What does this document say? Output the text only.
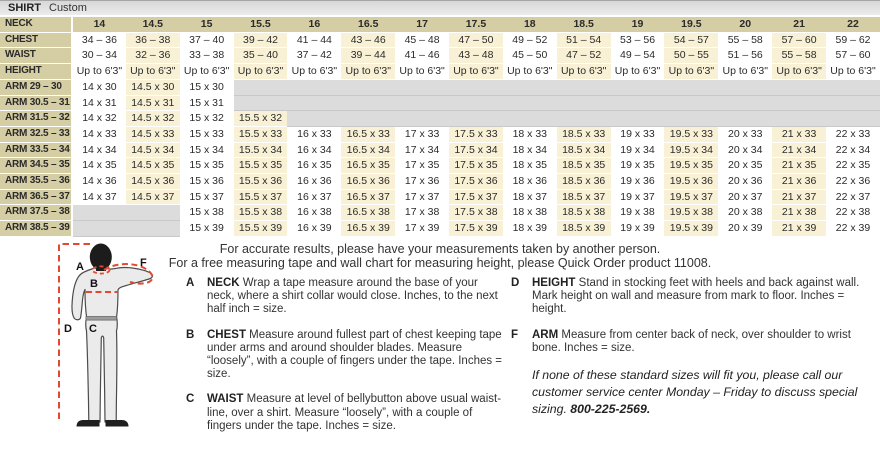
SHIRT Custom
NECK	14	14.5	15	15.5	16	16.5	17	17.5	18	18.5	19	19.5	20	21	22
CHEST	34 – 36	36 – 38	37 – 40	39 – 42	41 – 44	43 – 46	45 – 48	47 – 50	49 – 52	51 – 54	53 – 56	54 – 57	55 – 58	57 – 60	59 – 62
WAIST	30 – 34	32 – 36	33 – 38	35 – 40	37 – 42	39 – 44	41 – 46	43 – 48	45 – 50	47 – 52	49 – 54	50 – 55	51 – 56	55 – 58	57 – 60
HEIGHT	Up to 6'3"	Up to 6'3"	Up to 6'3"	Up to 6'3"	Up to 6'3"	Up to 6'3"	Up to 6'3"	Up to 6'3"	Up to 6'3"	Up to 6'3"	Up to 6'3"	Up to 6'3"	Up to 6'3"	Up to 6'3"	Up to 6'3"
ARM 29 – 30	14 x 30	14.5 x 30	15 x 30												
ARM 30.5 – 31	14 x 31	14.5 x 31	15 x 31												
ARM 31.5 – 32	14 x 32	14.5 x 32	15 x 32	15.5 x 32											
ARM 32.5 – 33	14 x 33	14.5 x 33	15 x 33	15.5 x 33	16 x 33	16.5 x 33	17 x 33	17.5 x 33	18 x 33	18.5 x 33	19 x 33	19.5 x 33	20 x 33	21 x 33	22 x 33
ARM 33.5 – 34	14 x 34	14.5 x 34	15 x 34	15.5 x 34	16 x 34	16.5 x 34	17 x 34	17.5 x 34	18 x 34	18.5 x 34	19 x 34	19.5 x 34	20 x 34	21 x 34	22 x 34
ARM 34.5 – 35	14 x 35	14.5 x 35	15 x 35	15.5 x 35	16 x 35	16.5 x 35	17 x 35	17.5 x 35	18 x 35	18.5 x 35	19 x 35	19.5 x 35	20 x 35	21 x 35	22 x 35
ARM 35.5 – 36	14 x 36	14.5 x 36	15 x 36	15.5 x 36	16 x 36	16.5 x 36	17 x 36	17.5 x 36	18 x 36	18.5 x 36	19 x 36	19.5 x 36	20 x 36	21 x 36	22 x 36
ARM 36.5 – 37	14 x 37	14.5 x 37	15 x 37	15.5 x 37	16 x 37	16.5 x 37	17 x 37	17.5 x 37	18 x 37	18.5 x 37	19 x 37	19.5 x 37	20 x 37	21 x 37	22 x 37
ARM 37.5 – 38			15 x 38	15.5 x 38	16 x 38	16.5 x 38	17 x 38	17.5 x 38	18 x 38	18.5 x 38	19 x 38	19.5 x 38	20 x 38	21 x 38	22 x 38
ARM 38.5 – 39			15 x 39	15.5 x 39	16 x 39	16.5 x 39	17 x 39	17.5 x 39	18 x 39	18.5 x 39	19 x 39	19.5 x 39	20 x 39	21 x 39	22 x 39
A
B
C
D
F
For accurate results, please have your measurements taken by another person.
For a free measuring tape and wall chart for measuring height, please Quick Order product 11008.
A	NECK Wrap a tape measure around the base of your neck, where a shirt collar would close. Inches, to the next half inch = size.
B	CHEST Measure around fullest part of chest keeping tape under arms and around shoulder blades. Measure “loosely”, with a couple of fingers under the tape. Inches = size.
C	WAIST Measure at level of bellybutton above usual waist-line, over a shirt. Measure “loosely”, with a couple of fingers under the tape. Inches = size.
D	HEIGHT Stand in stocking feet with heels and back against wall. Mark height on wall and measure from mark to floor. Inches = height.
F	ARM Measure from center back of neck, over shoulder to wrist bone. Inches = size.
If none of these standard sizes will fit you, please call our customer service center Monday – Friday to discuss special sizing. 800-225-2569.
